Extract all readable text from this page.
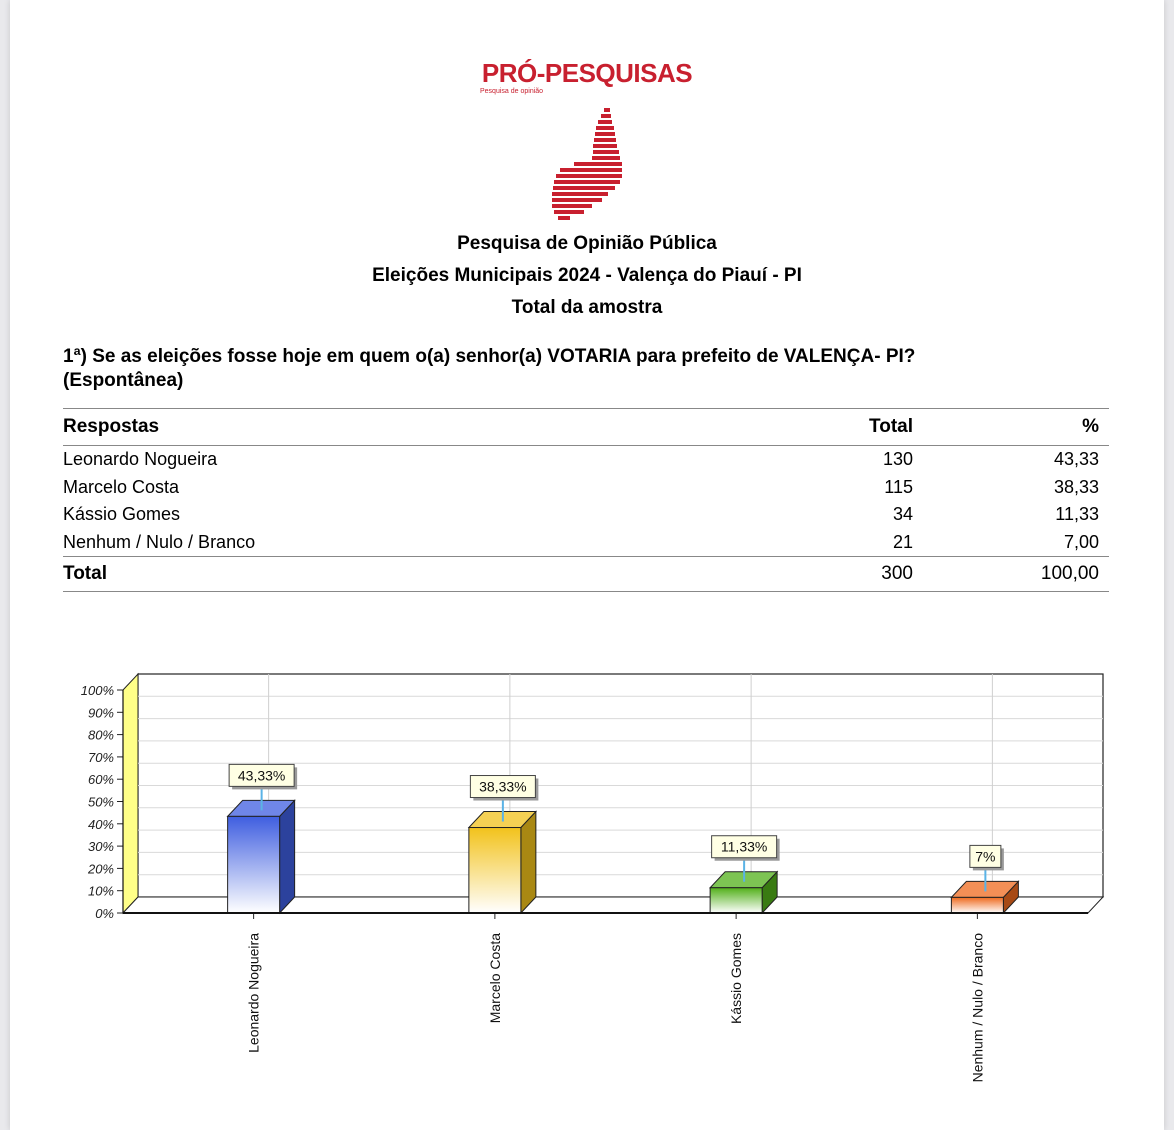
PRÓ-PESQUISAS
Pesquisa de opinião
Pesquisa de Opinião Pública
Eleições Municipais 2024 - Valença do Piauí - PI
Total da amostra
1ª) Se as eleições fosse hoje em quem o(a) senhor(a) VOTARIA para prefeito de VALENÇA- PI?
(Espontânea)
Respostas	Total	%
Leonardo Nogueira	130	43,33
Marcelo Costa	115	38,33
Kássio Gomes	34	11,33
Nenhum / Nulo / Branco	21	7,00
Total	300	100,00
0%
10%
20%
30%
40%
50%
60%
70%
80%
90%
100%
43,33%
Leonardo Nogueira
38,33%
Marcelo Costa
11,33%
Kássio Gomes
7%
Nenhum / Nulo / Branco
